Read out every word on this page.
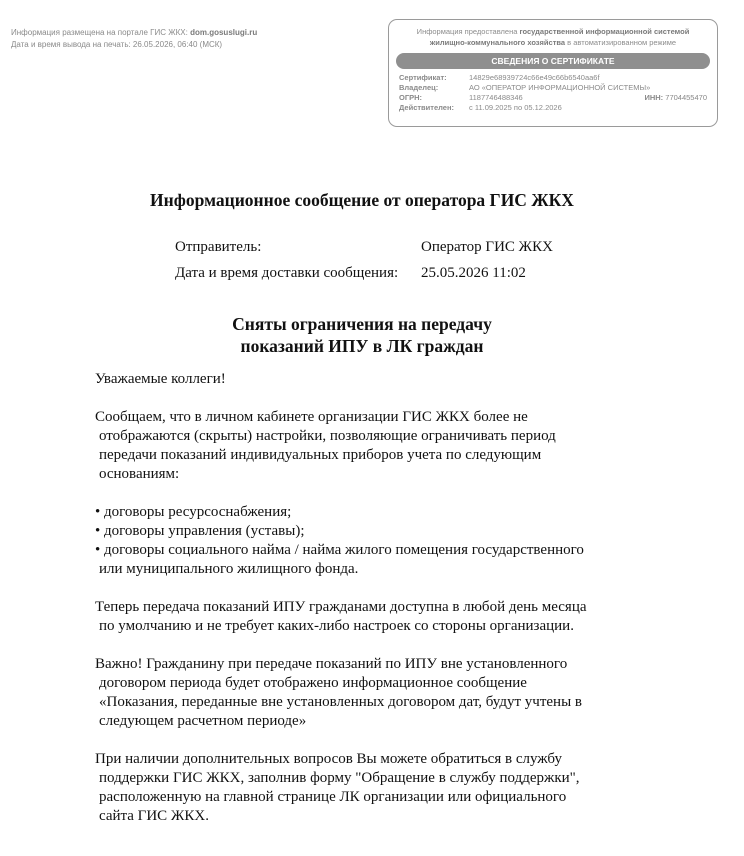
Информация размещена на портале ГИС ЖКХ: dom.gosuslugi.ru
Дата и время вывода на печать: 26.05.2026, 06:40 (МСК)
Информация предоставлена государственной информационной системой
жилищно-коммунального хозяйства в автоматизированном режиме
СВЕДЕНИЯ О СЕРТИФИКАТЕ
Сертификат:	14829e68939724c66e49c66b6540aa6f
Владелец:	АО «ОПЕРАТОР ИНФОРМАЦИОННОЙ СИСТЕМЫ»
ОГРН:	1187746488346	ИНН: 7704455470
Действителен:	с 11.09.2025 по 05.12.2026
Информационное сообщение от оператора ГИС ЖКХ
Отправитель:	Оператор ГИС ЖКХ
Дата и время доставки сообщения:	25.05.2026 11:02
Сняты ограничения на передачу
показаний ИПУ в ЛК граждан
Уважаемые коллеги!
Сообщаем, что в личном кабинете организации ГИС ЖКХ более не
отображаются (скрыты) настройки, позволяющие ограничивать период
передачи показаний индивидуальных приборов учета по следующим
основаниям:
• договоры ресурсоснабжения;
• договоры управления (уставы);
• договоры социального найма / найма жилого помещения государственного
или муниципального жилищного фонда.
Теперь передача показаний ИПУ гражданами доступна в любой день месяца
по умолчанию и не требует каких-либо настроек со стороны организации.
Важно! Гражданину при передаче показаний по ИПУ вне установленного
договором периода будет отображено информационное сообщение
«Показания, переданные вне установленных договором дат, будут учтены в
следующем расчетном периоде»
При наличии дополнительных вопросов Вы можете обратиться в службу
поддержки ГИС ЖКХ, заполнив форму "Обращение в службу поддержки",
расположенную на главной странице ЛК организации или официального
сайта ГИС ЖКХ.
